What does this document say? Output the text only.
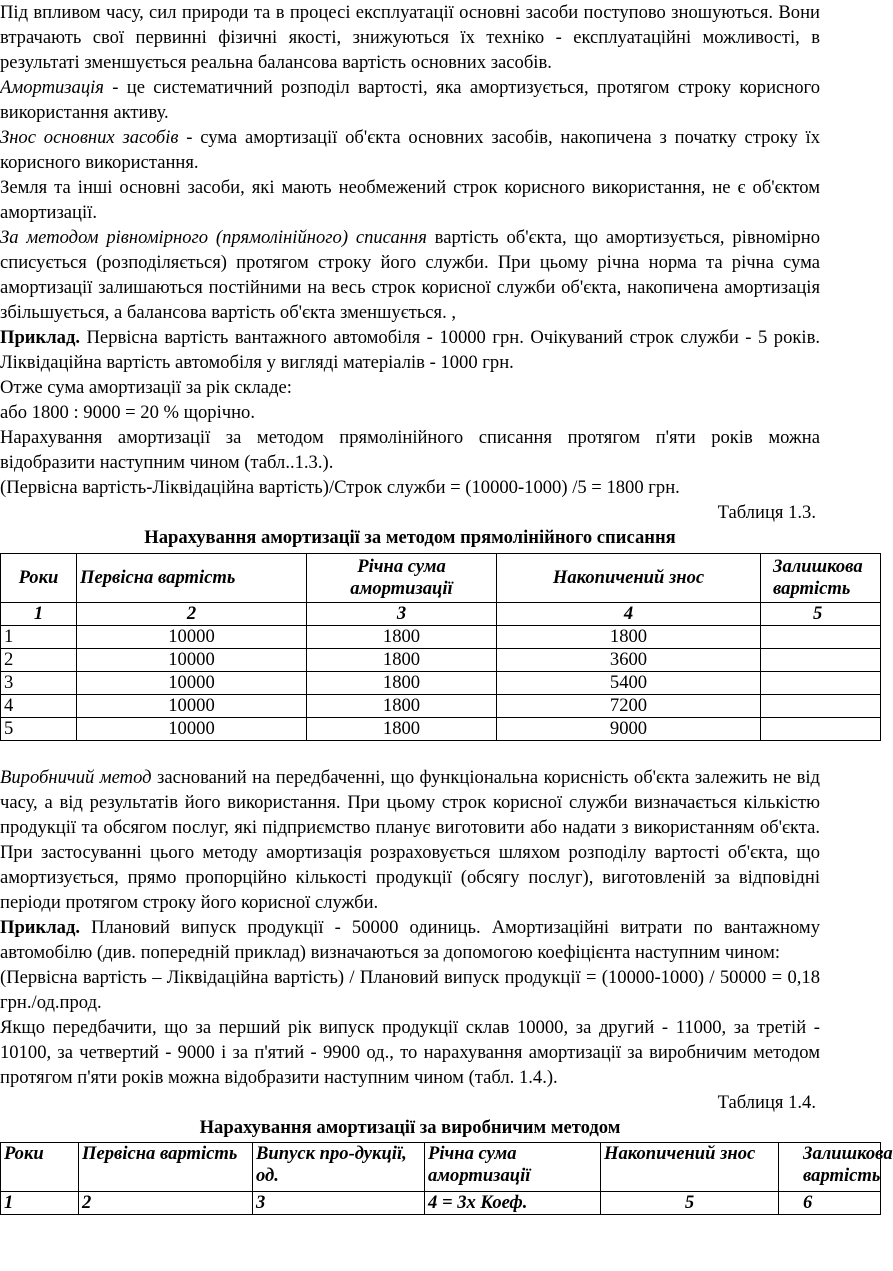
Під впливом часу, сил природи та в процесі експлуатації основні засоби поступово зношуються. Вони втрачають свої первинні фізичні якості, знижуються їх техніко - експлуатаційні можливості, в результаті зменшується реальна балансова вартість основних засобів.

Амортизація - це систематичний розподіл вартості, яка амортизується, протягом строку корисного використання активу.

Знос основних засобів - сума амортизації об'єкта основних засобів, накопичена з початку строку їх корисного використання.

Земля та інші основні засоби, які мають необмежений строк корисного використання, не є об'єктом амортизації.

За методом рівномірного (прямолінійного) списання вартість об'єкта, що амортизується, рівномірно списується (розподіляється) протягом строку його служби. При цьому річна норма та річна сума амортизації залишаються постійними на весь строк корисної служби об'єкта, накопичена амортизація збільшується, а балансова вартість об'єкта зменшується. ,

Приклад. Первісна вартість вантажного автомобіля - 10000 грн. Очікуваний строк служби - 5 років. Ліквідаційна вартість автомобіля у вигляді матеріалів - 1000 грн.

Отже сума амортизації за рік складе:

або 1800 : 9000 = 20 % щорічно.

Нарахування амортизації за методом прямолінійного списання протягом п'яти років можна відобразити наступним чином (табл..1.3.).

(Первісна вартість-Ліквідаційна вартість)/Строк служби = (10000-1000) /5 = 1800 грн.

Таблиця 1.3.

Нарахування амортизації за методом прямолінійного списання

Роки	Первісна вартість	Річна сума амортизації	Накопичений знос	Залишкова вартість
1	2	3	4	5
1	10000	1800	1800	
2	10000	1800	3600	
3	10000	1800	5400	
4	10000	1800	7200	
5	10000	1800	9000	

Виробничий метод заснований на передбаченні, що функціональна корисність об'єкта залежить не від часу, а від результатів його використання. При цьому строк корисної служби визначається кількістю продукції та обсягом послуг, які підприємство планує виготовити або надати з використанням об'єкта. При застосуванні цього методу амортизація розраховується шляхом розподілу вартості об'єкта, що амортизується, прямо пропорційно кількості продукції (обсягу послуг), виготовленій за відповідні періоди протягом строку його корисної служби.

Приклад. Плановий випуск продукції - 50000 одиниць. Амортизаційні витрати по вантажному автомобілю (див. попередній приклад) визначаються за допомогою коефіцієнта наступним чином:

(Первісна вартість – Ліквідаційна вартість) / Плановий випуск продукції = (10000-1000) / 50000 = 0,18 грн./од.прод.

Якщо передбачити, що за перший рік випуск продукції склав 10000, за другий - 11000, за третій - 10100, за четвертий - 9000 і за п'ятий - 9900 од., то нарахування амортизації за виробничим методом протягом п'яти років можна відобразити наступним чином (табл. 1.4.).

Таблиця 1.4.

Нарахування амортизації за виробничим методом

Роки	Первісна вартість	Випуск про-дукції, од.	Річна сума амортизації	Накопичений знос	Залишкова вартість
1	2	3	4 = 3х Коеф.	5	6
